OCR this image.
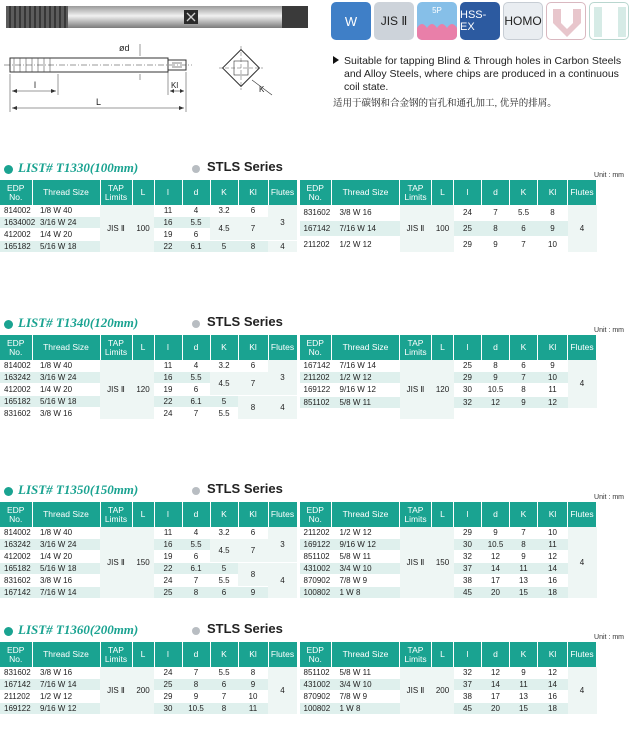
ød
l	Kl
L
K
W JIS Ⅱ
5P	HSS-EX	HOMO
Suitable for tapping Blind & Through holes in Carbon Steels and Alloy Steels, where chips are produced in a continuous coil state.
适用于碳钢和合金钢的盲孔和通孔加工, 优异的排屑。
LIST# T1330(100mm)	STLS Series
Unit : mm
EDP No.	Thread Size	TAP Limits	L	l	d	K	Kl	Flutes
814002	1/8 W 40	JIS Ⅱ	100	11	4	3.2	6	3
1634002	3/16 W 24			16	5.5	4.5	7	
412002	1/4 W 20			19	6			
165182	5/16 W 18			22	6.1	5	8	4
EDP No.	Thread Size	TAP Limits	L	l	d	K	Kl	Flutes
831602	3/8 W 16	JIS Ⅱ	100	24	7	5.5	8	4
167142	7/16 W 14			25	8	6	9	
211202	1/2 W 12			29	9	7	10	
LIST# T1340(120mm)	STLS Series
Unit : mm
EDP No.	Thread Size	TAP Limits	L	l	d	K	Kl	Flutes
814002	1/8 W 40	JIS Ⅱ	120	11	4	3.2	6	3
163242	3/16 W 24			16	5.5	4.5	7	
412002	1/4 W 20			19	6			
165182	5/16 W 18			22	6.1	5	8	4
831602	3/8 W 16			24	7	5.5		
EDP No.	Thread Size	TAP Limits	L	l	d	K	Kl	Flutes
167142	7/16 W 14	JIS Ⅱ	120	25	8	6	9	4
211202	1/2 W 12			29	9	7	10	
169122	9/16 W 12			30	10.5	8	11	
851102	5/8 W 11			32	12	9	12	

LIST# T1350(150mm)	STLS Series
Unit : mm
EDP No.	Thread Size	TAP Limits	L	l	d	K	Kl	Flutes
814002	1/8 W 40	JIS Ⅱ	150	11	4	3.2	6	3
163242	3/16 W 24			16	5.5	4.5	7	
412002	1/4 W 20			19	6			
165182	5/16 W 18			22	6.1	5	8	4
831602	3/8 W 16			24	7	5.5		
167142	7/16 W 14			25	8	6	9	
EDP No.	Thread Size	TAP Limits	L	l	d	K	Kl	Flutes
211202	1/2 W 12	JIS Ⅱ	150	29	9	7	10	4
169122	9/16 W 12			30	10.5	8	11	
851102	5/8 W 11			32	12	9	12	
431002	3/4 W 10			37	14	11	14	
870902	7/8 W 9			38	17	13	16	
100802	1 W 8			45	20	15	18	
LIST# T1360(200mm)	STLS Series
Unit : mm
EDP No.	Thread Size	TAP Limits	L	l	d	K	Kl	Flutes
831602	3/8 W 16	JIS Ⅱ	200	24	7	5.5	8	4
167142	7/16 W 14			25	8	6	9	
211202	1/2 W 12			29	9	7	10	
169122	9/16 W 12			30	10.5	8	11	
EDP No.	Thread Size	TAP Limits	L	l	d	K	Kl	Flutes
851102	5/8 W 11	JIS Ⅱ	200	32	12	9	12	4
431002	3/4 W 10			37	14	11	14	
870902	7/8 W 9			38	17	13	16	
100802	1 W 8			45	20	15	18	
